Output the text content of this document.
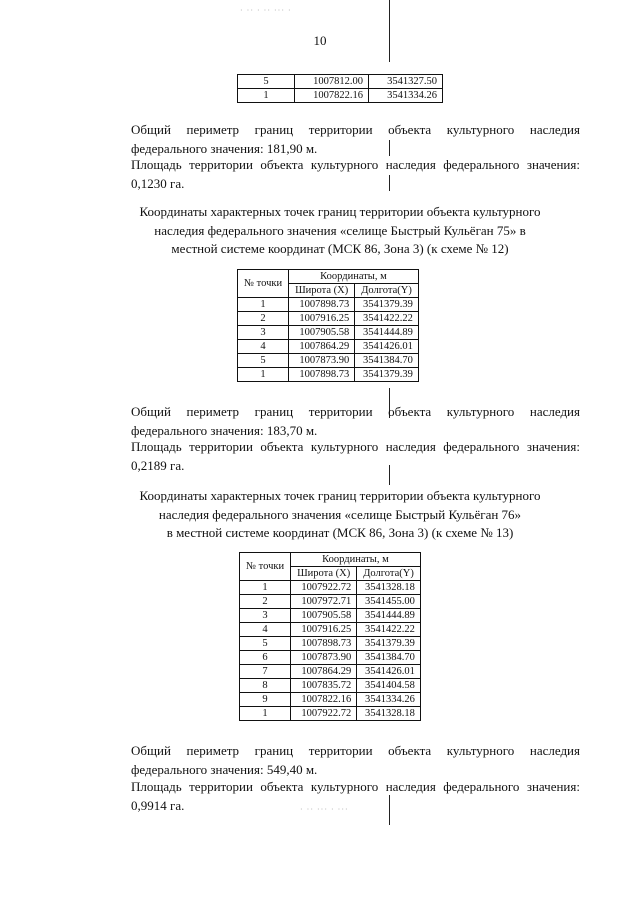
· ·· · ·· ··· ·
10
5	1007812.00	3541327.50
1	1007822.16	3541334.26
Общий периметр границ территории объекта культурного наследия федерального значения: 181,90 м.
Площадь территории объекта культурного наследия федерального значения: 0,1230 га.
Координаты характерных точек границ территории объекта культурного
наследия федерального значения «селище Быстрый Кульёган 75» в
местной системе координат (МСК 86, Зона 3) (к схеме № 12)
№ точки	Координаты, м	
	Широта (X)	Долгота(Y)
1	1007898.73	3541379.39
2	1007916.25	3541422.22
3	1007905.58	3541444.89
4	1007864.29	3541426.01
5	1007873.90	3541384.70
1	1007898.73	3541379.39
Общий периметр границ территории объекта культурного наследия федерального значения: 183,70 м.
Площадь территории объекта культурного наследия федерального значения: 0,2189 га.
Координаты характерных точек границ территории объекта культурного
наследия федерального значения «селище Быстрый Кульёган 76»
в местной системе координат (МСК 86, Зона 3) (к схеме № 13)
№ точки	Координаты, м	
	Широта (X)	Долгота(Y)
1	1007922.72	3541328.18
2	1007972.71	3541455.00
3	1007905.58	3541444.89
4	1007916.25	3541422.22
5	1007898.73	3541379.39
6	1007873.90	3541384.70
7	1007864.29	3541426.01
8	1007835.72	3541404.58
9	1007822.16	3541334.26
1	1007922.72	3541328.18
Общий периметр границ территории объекта культурного наследия федерального значения: 549,40 м.
Площадь территории объекта культурного наследия федерального значения: 0,9914 га.	· ·· ··· · ···
